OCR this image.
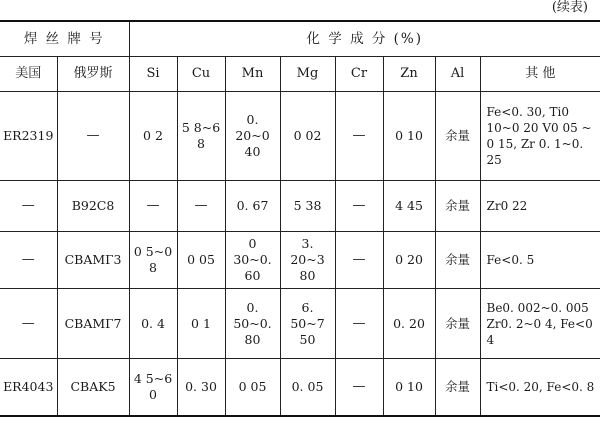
(续表)
焊 丝 牌 号		化 学 成 分 (%)							
美国	俄罗斯	Si	Cu	Mn	Mg	Cr	Zn	Al	其 他
ER2319	—	0 2	5 8~6 8	0. 20~0 40	0 02	—	0 10	余量	Fe<0. 30, Ti0 10~0 20 V0 05 ~ 0 15, Zr 0. 1~0. 25
—	B92C8	—	—	0. 67	5 38	—	4 45	余量	Zr0 22
—	CBAMГ3	0 5~0 8	0 05	0 30~0. 60	3. 20~3 80	—	0 20	余量	Fe<0. 5
—	CBAMГ7	0. 4	0 1	0. 50~0. 80	6. 50~7 50	—	0. 20	余量	Be0. 002~0. 005 Zr0. 2~0 4, Fe<0 4
ER4043	CBAK5	4 5~6 0	0. 30	0 05	0. 05	—	0 10	余量	Ti<0. 20, Fe<0. 8
